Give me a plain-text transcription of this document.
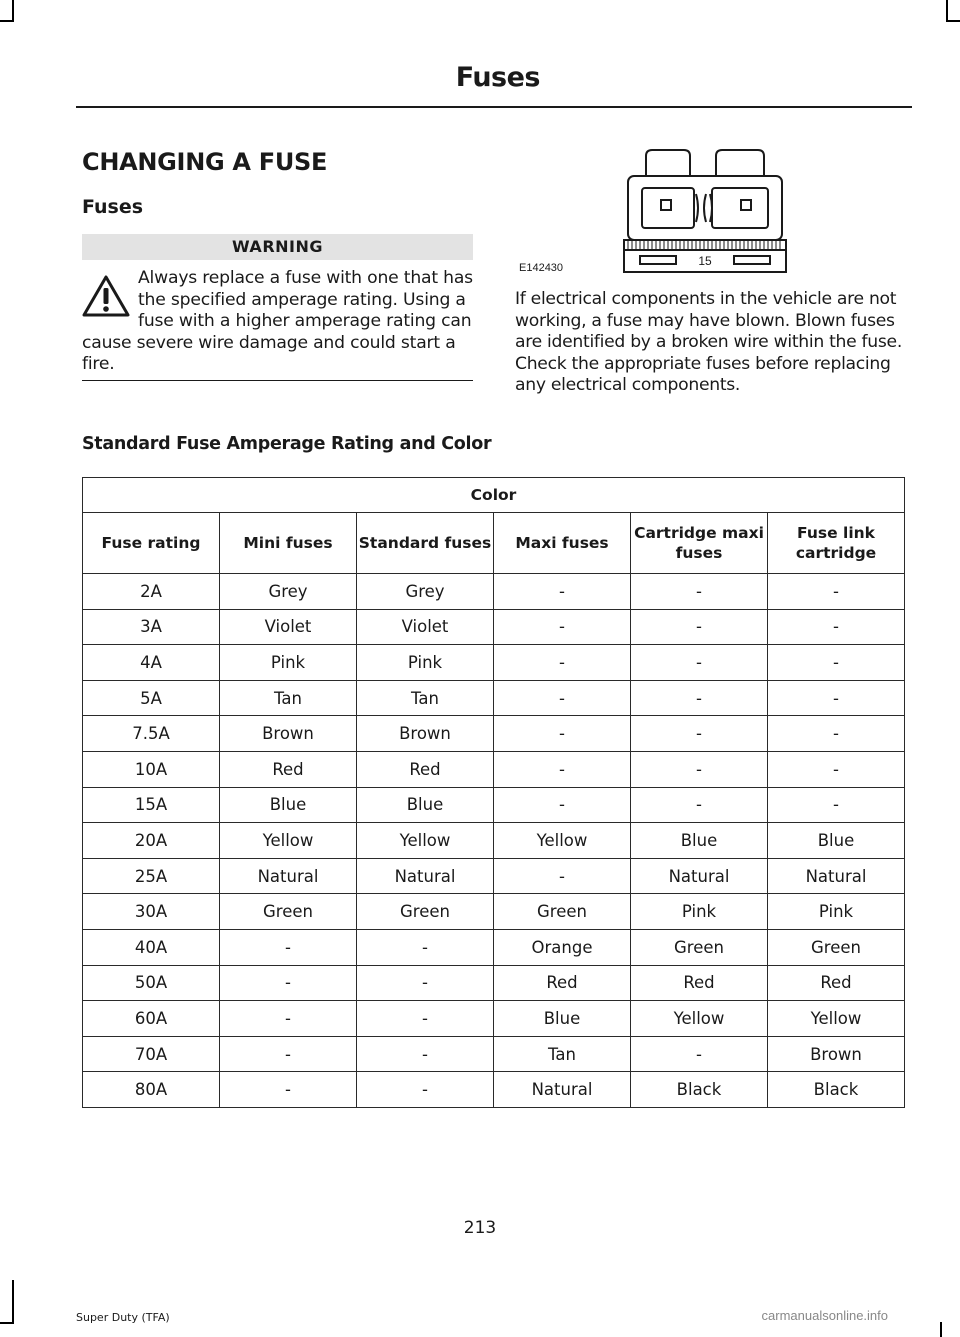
Fuses
CHANGING A FUSE
Fuses
WARNING
Always replace a fuse with one that has the specified amperage rating. Using a fuse with a higher amperage rating can cause severe wire damage and could start a fire.
15
E142430
If electrical components in the vehicle are not working, a fuse may have blown. Blown fuses are identified by a broken wire within the fuse. Check the appropriate fuses before replacing any electrical components.
Standard Fuse Amperage Rating and Color
Color					
Fuse rating	Mini fuses	Standard fuses	Maxi fuses	Cartridge maxi fuses	Fuse link cartridge
2A	Grey	Grey	-	-	-
3A	Violet	Violet	-	-	-
4A	Pink	Pink	-	-	-
5A	Tan	Tan	-	-	-
7.5A	Brown	Brown	-	-	-
10A	Red	Red	-	-	-
15A	Blue	Blue	-	-	-
20A	Yellow	Yellow	Yellow	Blue	Blue
25A	Natural	Natural	-	Natural	Natural
30A	Green	Green	Green	Pink	Pink
40A	-	-	Orange	Green	Green
50A	-	-	Red	Red	Red
60A	-	-	Blue	Yellow	Yellow
70A	-	-	Tan	-	Brown
80A	-	-	Natural	Black	Black
213
Super Duty (TFA)	carmanualsonline.info
